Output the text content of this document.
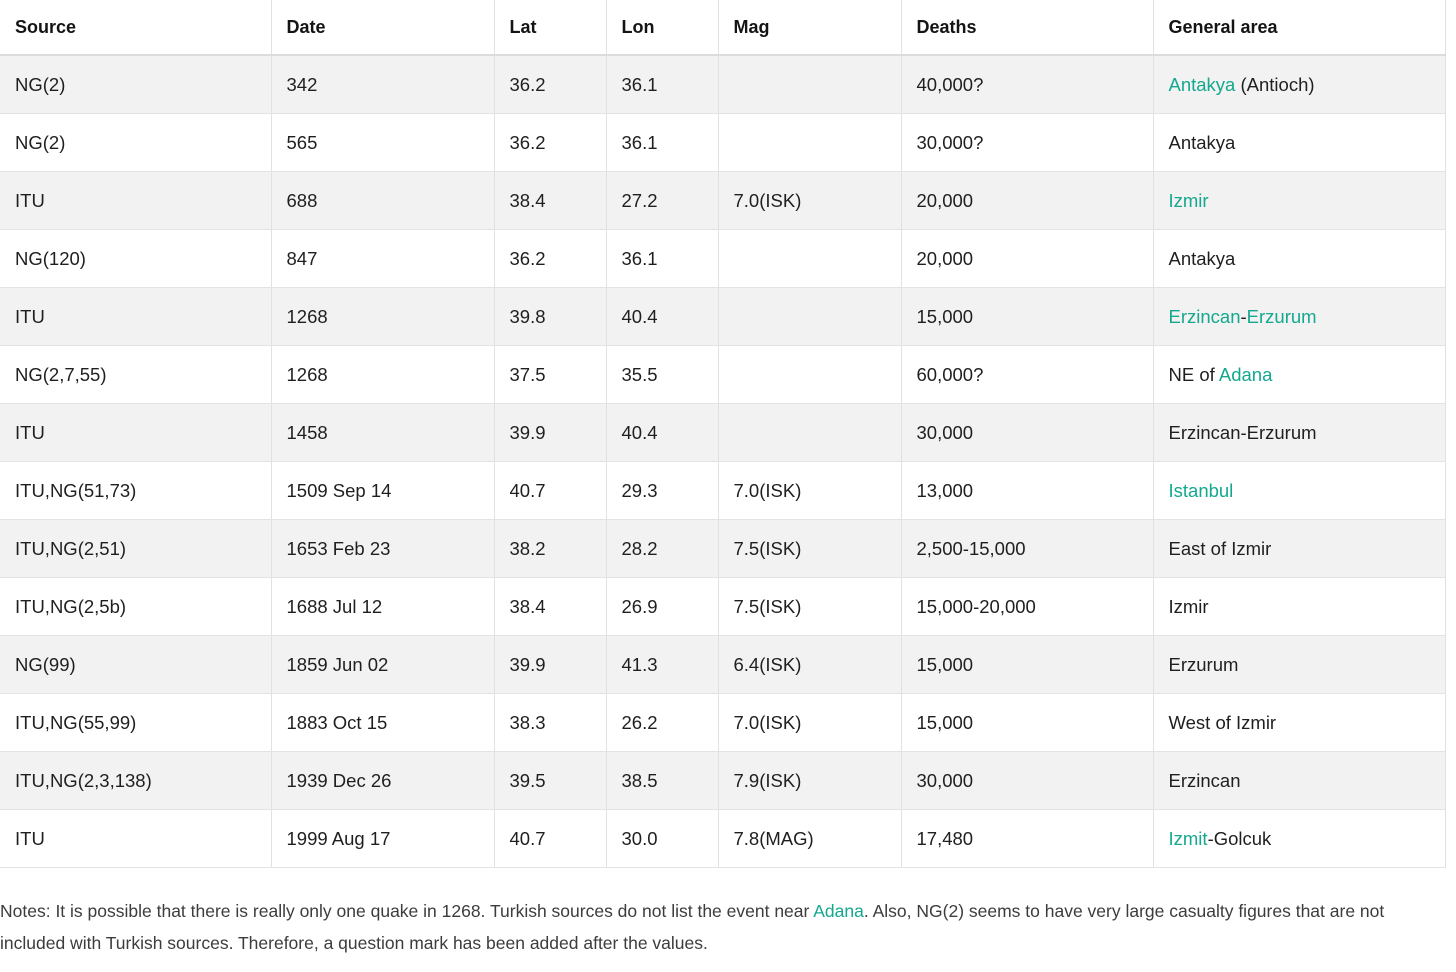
Source	Date	Lat	Lon	Mag	Deaths	General area
NG(2)	342	36.2	36.1		40,000?	Antakya (Antioch)
NG(2)	565	36.2	36.1		30,000?	Antakya
ITU	688	38.4	27.2	7.0(ISK)	20,000	Izmir
NG(120)	847	36.2	36.1		20,000	Antakya
ITU	1268	39.8	40.4		15,000	Erzincan-Erzurum
NG(2,7,55)	1268	37.5	35.5		60,000?	NE of Adana
ITU	1458	39.9	40.4		30,000	Erzincan-Erzurum
ITU,NG(51,73)	1509 Sep 14	40.7	29.3	7.0(ISK)	13,000	Istanbul
ITU,NG(2,51)	1653 Feb 23	38.2	28.2	7.5(ISK)	2,500-15,000	East of Izmir
ITU,NG(2,5b)	1688 Jul 12	38.4	26.9	7.5(ISK)	15,000-20,000	Izmir
NG(99)	1859 Jun 02	39.9	41.3	6.4(ISK)	15,000	Erzurum
ITU,NG(55,99)	1883 Oct 15	38.3	26.2	7.0(ISK)	15,000	West of Izmir
ITU,NG(2,3,138)	1939 Dec 26	39.5	38.5	7.9(ISK)	30,000	Erzincan
ITU	1999 Aug 17	40.7	30.0	7.8(MAG)	17,480	Izmit-Golcuk

Notes: It is possible that there is really only one quake in 1268. Turkish sources do not list the event near Adana. Also, NG(2) seems to have very large casualty figures that are not included with Turkish sources. Therefore, a question mark has been added after the values.
